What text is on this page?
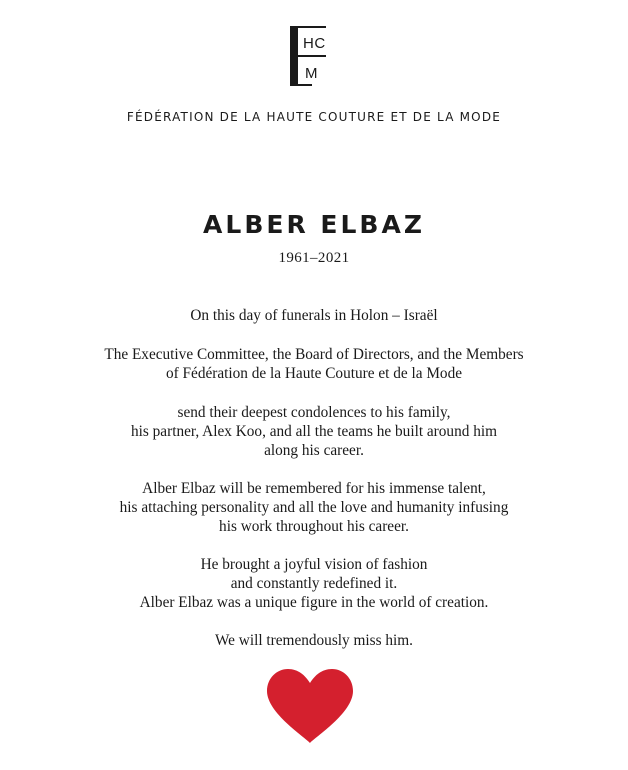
HC
M
FÉDÉRATION DE LA HAUTE COUTURE ET DE LA MODE
ALBER ELBAZ
1961–2021
On this day of funerals in Holon – Israël
The Executive Committee, the Board of Directors, and the Members
of Fédération de la Haute Couture et de la Mode
send their deepest condolences to his family,
his partner, Alex Koo, and all the teams he built around him
along his career.
Alber Elbaz will be remembered for his immense talent,
his attaching personality and all the love and humanity infusing
his work throughout his career.
He brought a joyful vision of fashion
and constantly redefined it.
Alber Elbaz was a unique figure in the world of creation.
We will tremendously miss him.
